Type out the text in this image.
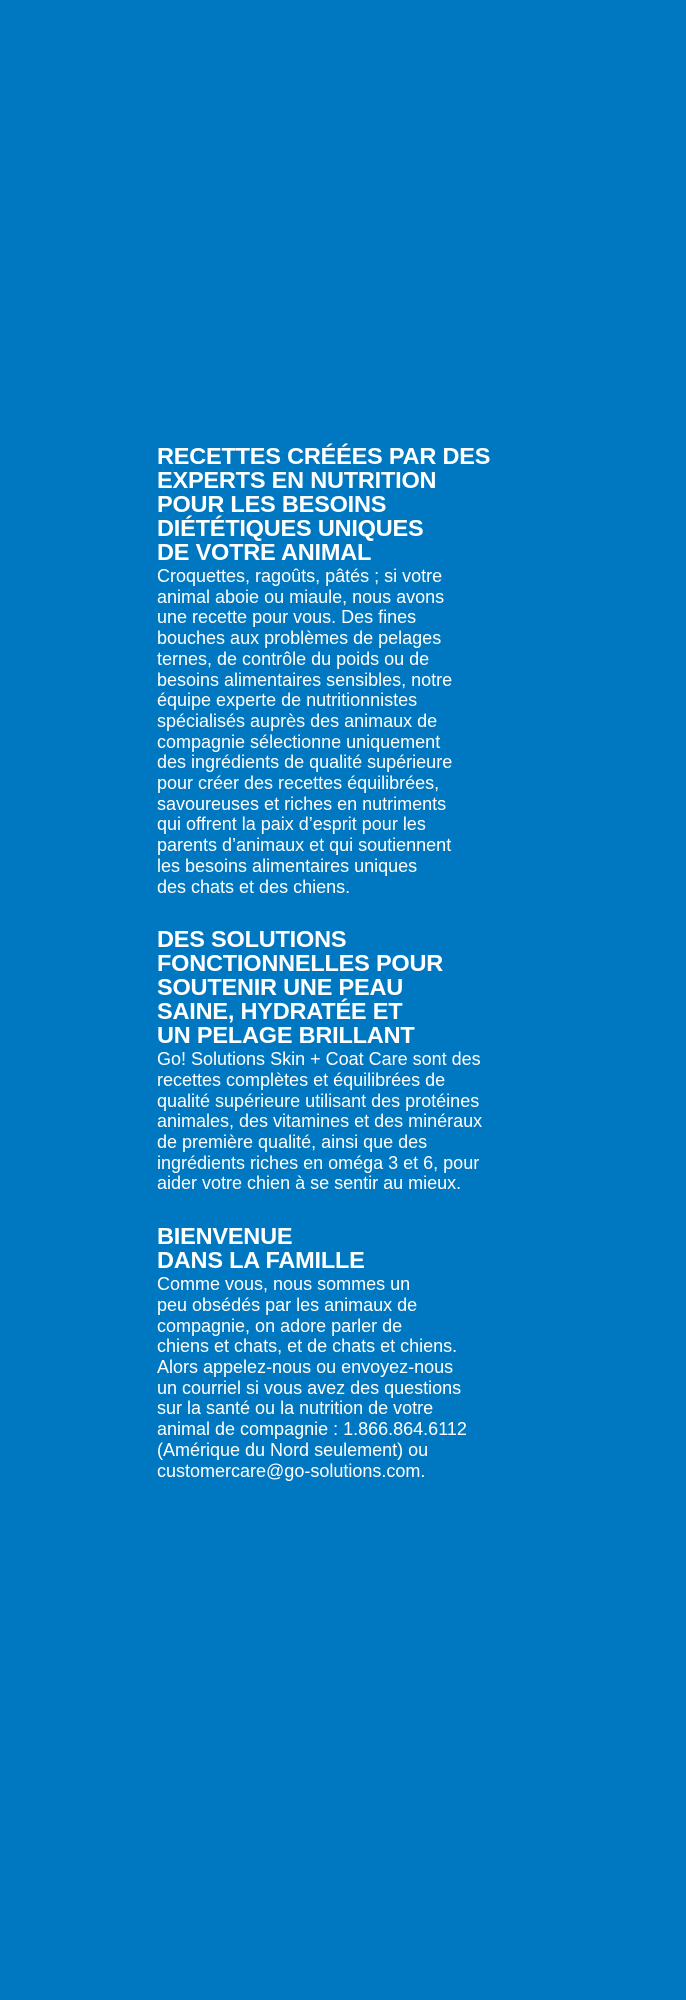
RECETTES CRÉÉES PAR DES
EXPERTS EN NUTRITION
POUR LES BESOINS
DIÉTÉTIQUES UNIQUES
DE VOTRE ANIMAL

Croquettes, ragoûts, pâtés ; si votre
animal aboie ou miaule, nous avons
une recette pour vous. Des fines
bouches aux problèmes de pelages
ternes, de contrôle du poids ou de
besoins alimentaires sensibles, notre
équipe experte de nutritionnistes
spécialisés auprès des animaux de
compagnie sélectionne uniquement
des ingrédients de qualité supérieure
pour créer des recettes équilibrées,
savoureuses et riches en nutriments
qui offrent la paix d’esprit pour les
parents d’animaux et qui soutiennent
les besoins alimentaires uniques
des chats et des chiens.

DES SOLUTIONS
FONCTIONNELLES POUR
SOUTENIR UNE PEAU
SAINE, HYDRATÉE ET
UN PELAGE BRILLANT

Go! Solutions Skin + Coat Care sont des
recettes complètes et équilibrées de
qualité supérieure utilisant des protéines
animales, des vitamines et des minéraux
de première qualité, ainsi que des
ingrédients riches en oméga 3 et 6, pour
aider votre chien à se sentir au mieux.

BIENVENUE
DANS LA FAMILLE

Comme vous, nous sommes un
peu obsédés par les animaux de
compagnie, on adore parler de
chiens et chats, et de chats et chiens.
Alors appelez-nous ou envoyez-nous
un courriel si vous avez des questions
sur la santé ou la nutrition de votre
animal de compagnie : 1.866.864.6112
(Amérique du Nord seulement) ou
customercare@go-solutions.com.
